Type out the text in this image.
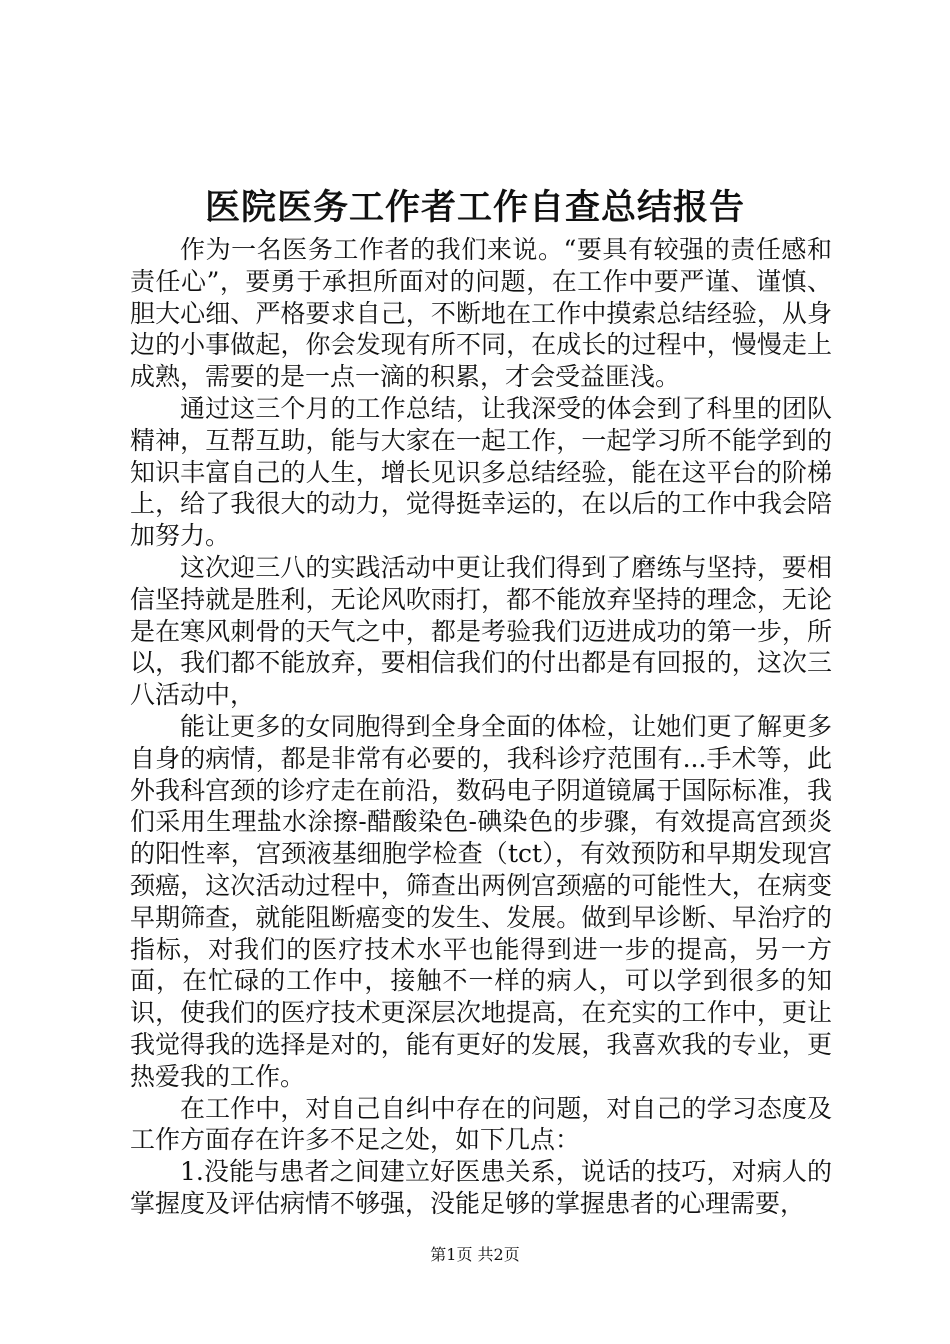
医院医务工作者工作自查总结报告

作为一名医务工作者的我们来说。“要具有较强的责任感和责任心”，要勇于承担所面对的问题，在工作中要严谨、谨慎、胆大心细、严格要求自己，不断地在工作中摸索总结经验，从身边的小事做起，你会发现有所不同，在成长的过程中，慢慢走上成熟，需要的是一点一滴的积累，才会受益匪浅。

通过这三个月的工作总结，让我深受的体会到了科里的团队精神，互帮互助，能与大家在一起工作，一起学习所不能学到的知识丰富自己的人生，增长见识多总结经验，能在这平台的阶梯上，给了我很大的动力，觉得挺幸运的，在以后的工作中我会陪加努力。

这次迎三八的实践活动中更让我们得到了磨练与坚持，要相信坚持就是胜利，无论风吹雨打，都不能放弃坚持的理念，无论是在寒风刺骨的天气之中，都是考验我们迈进成功的第一步，所以，我们都不能放弃，要相信我们的付出都是有回报的，这次三八活动中，

能让更多的女同胞得到全身全面的体检，让她们更了解更多自身的病情，都是非常有必要的，我科诊疗范围有...手术等，此外我科宫颈的诊疗走在前沿，数码电子阴道镜属于国际标准，我们采用生理盐水涂擦-醋酸染色-碘染色的步骤，有效提高宫颈炎的阳性率，宫颈液基细胞学检查（tct），有效预防和早期发现宫颈癌，这次活动过程中，筛查出两例宫颈癌的可能性大，在病变早期筛查，就能阻断癌变的发生、发展。做到早诊断、早治疗的指标，对我们的医疗技术水平也能得到进一步的提高，另一方面，在忙碌的工作中，接触不一样的病人，可以学到很多的知识，使我们的医疗技术更深层次地提高，在充实的工作中，更让我觉得我的选择是对的，能有更好的发展，我喜欢我的专业，更热爱我的工作。

在工作中，对自己自纠中存在的问题，对自己的学习态度及工作方面存在许多不足之处，如下几点：

1.没能与患者之间建立好医患关系，说话的技巧，对病人的掌握度及评估病情不够强，没能足够的掌握患者的心理需要，

第1页 共2页
